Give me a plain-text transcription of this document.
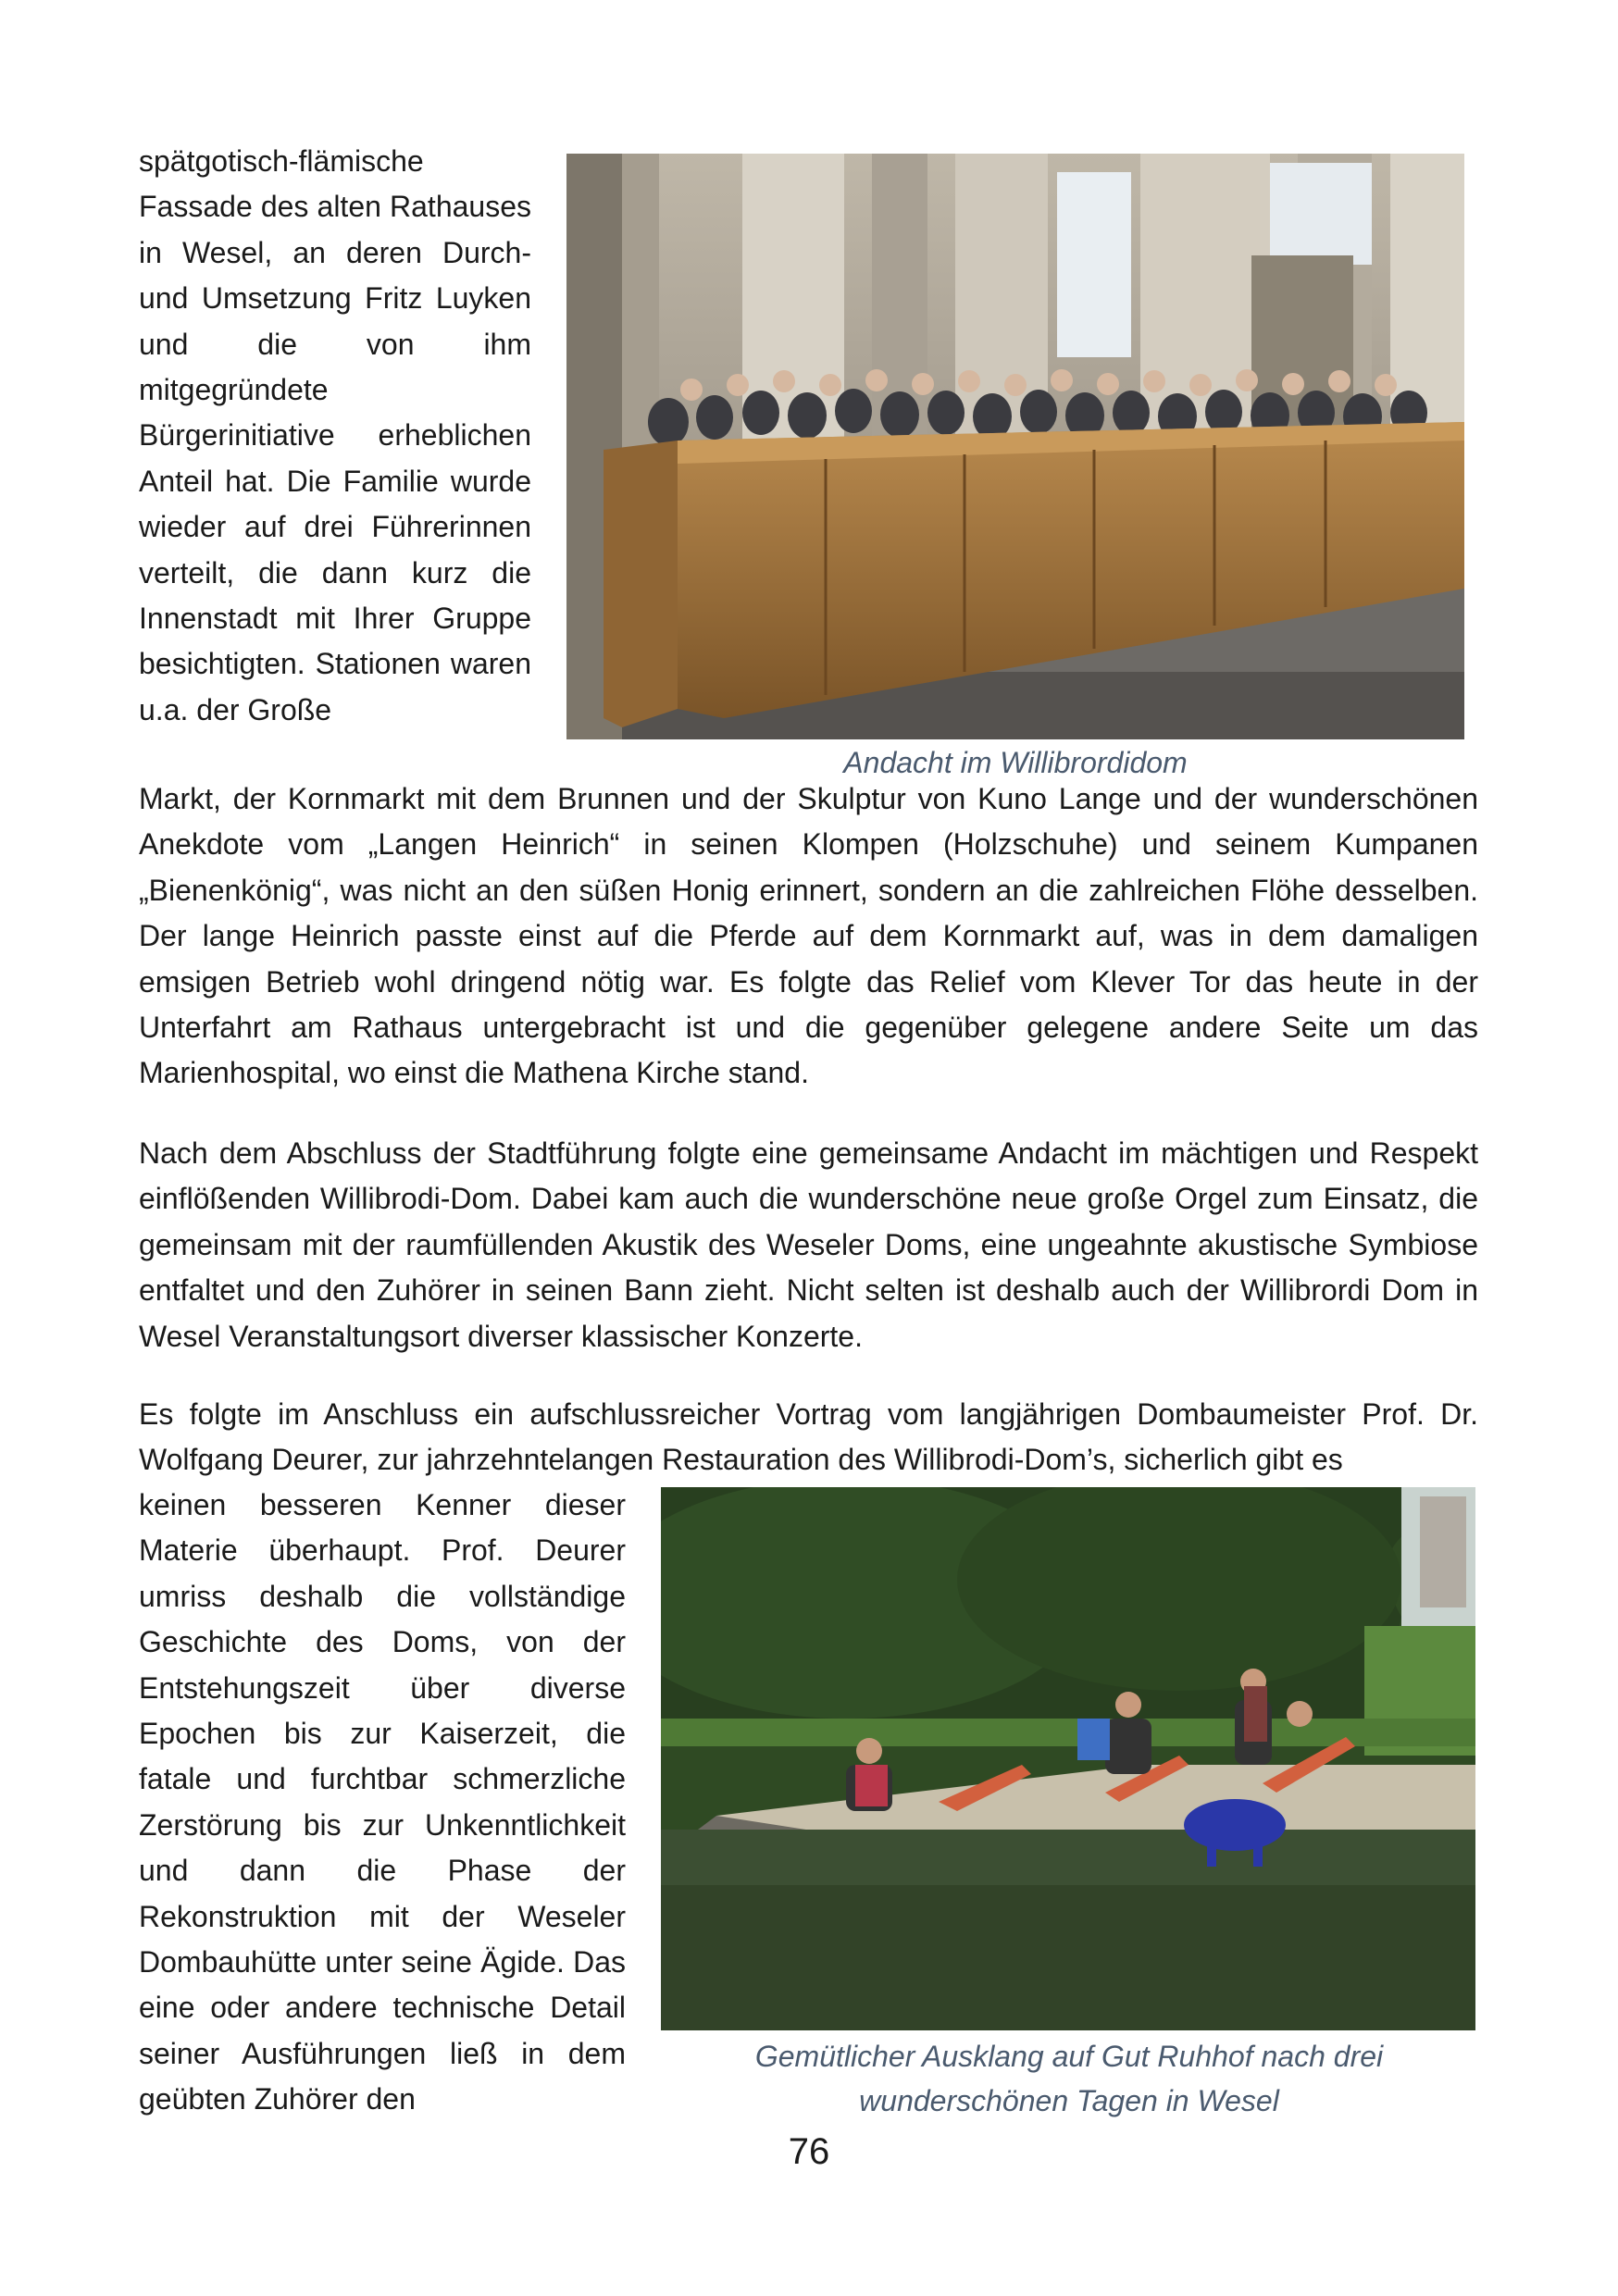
spätgotisch-flämische Fassade des alten Rathauses in Wesel, an deren Durch- und Umsetzung Fritz Luyken und die von ihm mitgegründete Bürgerinitiative erheblichen Anteil hat. Die Familie wurde wieder auf drei Führerinnen verteilt, die dann kurz die Innenstadt mit Ihrer Gruppe besichtigten. Stationen waren u.a. der Große
Andacht im Willibrordidom
Markt, der Kornmarkt mit dem Brunnen und der Skulptur von Kuno Lange und der wunderschönen Anekdote vom „Langen Heinrich“ in seinen Klompen (Holzschuhe) und seinem Kumpanen „Bienenkönig“, was nicht an den süßen Honig erinnert, sondern an die zahlreichen Flöhe desselben. Der lange Heinrich passte einst auf die Pferde auf dem Kornmarkt auf, was in dem damaligen emsigen Betrieb wohl dringend nötig war. Es folgte das Relief vom Klever Tor das heute in der Unterfahrt am Rathaus untergebracht ist und die gegenüber gelegene andere Seite um das Marienhospital, wo einst die Mathena Kirche stand.
Nach dem Abschluss der Stadtführung folgte eine gemeinsame Andacht im mächtigen und Respekt einflößenden Willibrodi-Dom. Dabei kam auch die wunderschöne neue große Orgel zum Einsatz, die gemeinsam mit der raumfüllenden Akustik des Weseler Doms, eine ungeahnte akustische Symbiose entfaltet und den Zuhörer in seinen Bann zieht. Nicht selten ist deshalb auch der Willibrordi Dom in Wesel Veranstaltungsort diverser klassischer Konzerte.
Es folgte im Anschluss ein aufschlussreicher Vortrag vom langjährigen Dombaumeister Prof. Dr. Wolfgang Deurer, zur jahrzehntelangen Restauration des Willibrodi-Dom’s, sicherlich gibt es
keinen besseren Kenner dieser Materie überhaupt. Prof. Deurer umriss deshalb die vollständige Geschichte des Doms, von der Entstehungszeit über diverse Epochen bis zur Kaiserzeit, die fatale und furchtbar schmerzliche Zerstörung bis zur Unkenntlichkeit und dann die Phase der Rekonstruktion mit der Weseler Dombauhütte unter seine Ägide. Das eine oder andere technische Detail seiner Ausführungen ließ in dem geübten Zuhörer den
Gemütlicher Ausklang auf Gut Ruhhof nach drei
wunderschönen Tagen in Wesel
76
